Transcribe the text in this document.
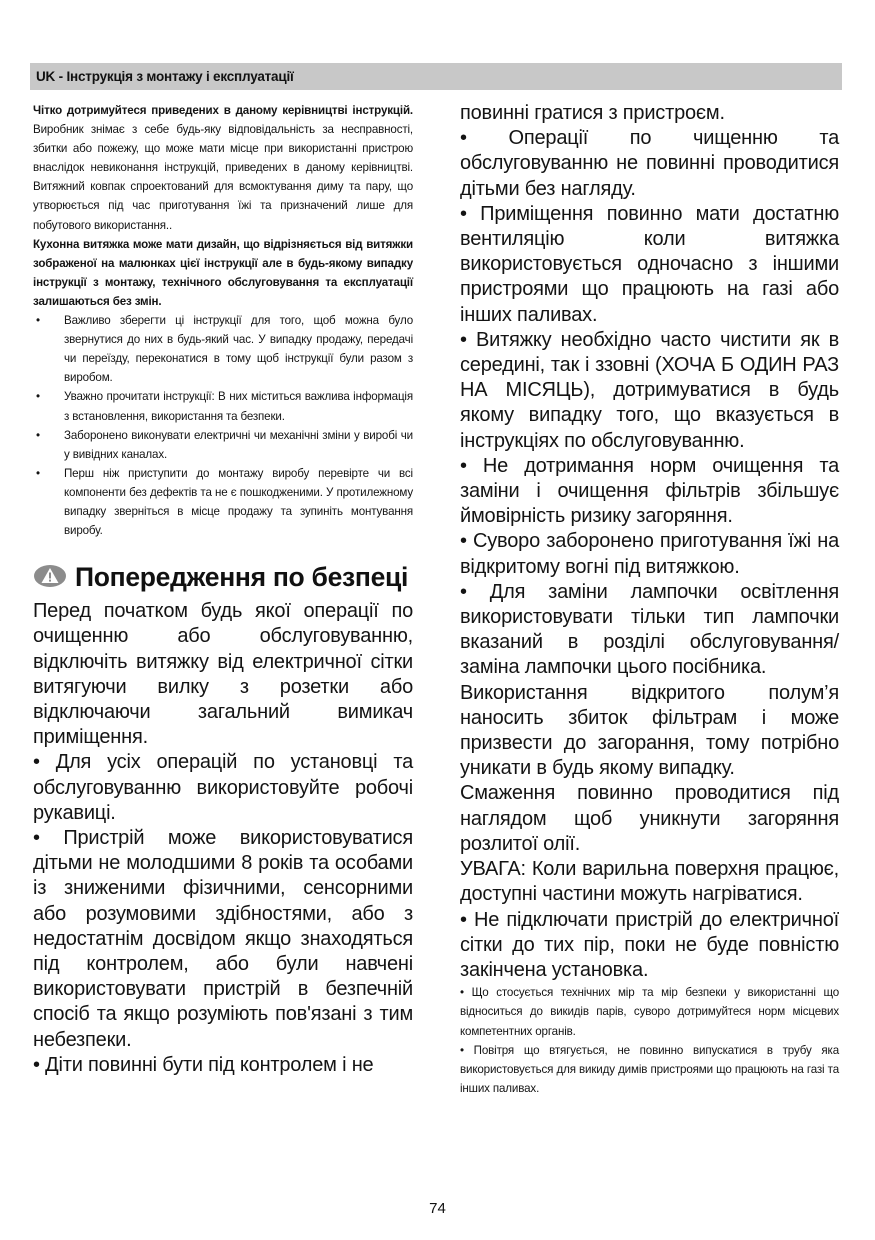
UK - Інструкція з монтажу і експлуатації

Чітко дотримуйтеся приведених в даному керівництві інструкцій. Виробник знімає з себе будь-яку відповідальність за несправності, збитки або пожежу, що може мати місце при використанні пристрою внаслідок невиконання інструкцій, приведених в даному керівництві. Витяжний ковпак спроектований для всмоктування диму та пару, що утворюється під час приготування їжі та призначений лише для побутового використання..

Кухонна витяжка може мати дизайн, що відрізняється від витяжки зображеної на малюнках цієї інструкції але в будь-якому випадку інструкції з монтажу, технічного обслуговування та експлуатації залишаються без змін.

• Важливо зберегти ці інструкції для того, щоб можна було звернутися до них в будь-який час. У випадку продажу, передачі чи переїзду, переконатися в тому щоб інструкції були разом з виробом.
• Уважно прочитати інструкції: В них міститься важлива інформація з встановлення, використання та безпеки.
• Заборонено виконувати електричні чи механічні зміни у виробі чи у вивідних каналах.
• Перш ніж приступити до монтажу виробу перевірте чи всі компоненти без дефектів та не є пошкодженими. У протилежному випадку зверніться в місце продажу та зупиніть монтування виробу.
Попередження по безпеці

Перед початком будь якої операції по очищенню або обслуговуванню, відключіть витяжку від електричної сітки витягуючи вилку з розетки або відключаючи загальний вимикач приміщення.

• Для усіх операцій по установці та обслуговуванню використовуйте робочі рукавиці.

• Пристрій може використовуватися дітьми не молодшими 8 років та особами із зниженими фізичними, сенсорними або розумовими здібностями, або з недостатнім досвідом якщо знаходяться під контролем, або були навчені використовувати пристрій в безпечній спосіб та якщо розуміють пов'язані з тим небезпеки.

• Діти повинні бути під контролем і не

повинні гратися з пристроєм.

• Операції по чищенню та обслуговуванню не повинні проводитися дітьми без нагляду.

• Приміщення повинно мати достатню вентиляцію коли витяжка використовується одночасно з іншими пристроями що працюють на газі або інших паливах.

• Витяжку необхідно часто чистити як в середині, так і ззовні (ХОЧА Б ОДИН РАЗ НА МІСЯЦЬ), дотримуватися в будь якому випадку того, що вказується в інструкціях по обслуговуванню.

• Не дотримання норм очищення та заміни і очищення фільтрів збільшує ймовірність ризику загоряння.

• Суворо заборонено приготування їжі на відкритому вогні під витяжкою.

• Для заміни лампочки освітлення використовувати тільки тип лампочки вказаний в розділі обслуговування/заміна лампочки цього посібника.

Використання відкритого полум’я наносить збиток фільтрам і може призвести до загорання, тому потрібно уникати в будь якому випадку.

Смаження повинно проводитися під наглядом щоб уникнути загоряння розлитої олії.

УВАГА: Коли варильна поверхня працює, доступні частини можуть нагріватися.

• Не підключати пристрій до електричної сітки до тих пір, поки не буде повністю закінчена установка.

• Що стосується технічних мір та мір безпеки у використанні що відноситься до викидів парів, суворо дотримуйтеся норм місцевих компетентних органів.

• Повітря що втягується, не повинно випускатися в трубу яка використовується для викиду димів пристроями що працюють на газі та інших паливах.

74
